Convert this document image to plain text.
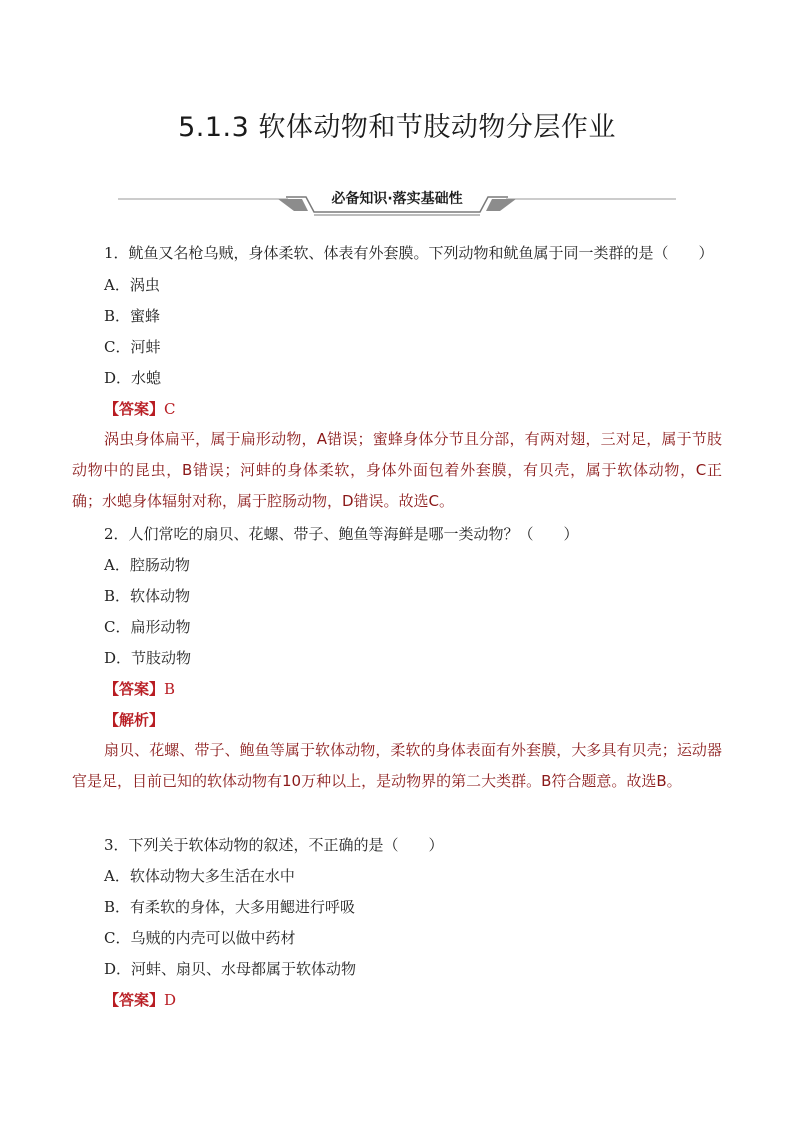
5.1.3 软体动物和节肢动物分层作业
必备知识·落实基础性
1．鱿鱼又名枪乌贼，身体柔软、体表有外套膜。下列动物和鱿鱼属于同一类群的是（　　）
A．涡虫
B．蜜蜂
C．河蚌
D．水螅
【答案】C
涡虫身体扁平，属于扁形动物，A错误；蜜蜂身体分节且分部，有两对翅，三对足，属于节肢动物中的昆虫，B错误；河蚌的身体柔软，身体外面包着外套膜，有贝壳，属于软体动物，C正确；水螅身体辐射对称，属于腔肠动物，D错误。故选C。
2．人们常吃的扇贝、花螺、带子、鲍鱼等海鲜是哪一类动物？（　　）
A．腔肠动物
B．软体动物
C．扁形动物
D．节肢动物
【答案】B
【解析】
扇贝、花螺、带子、鲍鱼等属于软体动物，柔软的身体表面有外套膜，大多具有贝壳；运动器官是足，目前已知的软体动物有10万种以上，是动物界的第二大类群。B符合题意。故选B。
3．下列关于软体动物的叙述，不正确的是（　　）
A．软体动物大多生活在水中
B．有柔软的身体，大多用鳃进行呼吸
C．乌贼的内壳可以做中药材
D．河蚌、扇贝、水母都属于软体动物
【答案】D
